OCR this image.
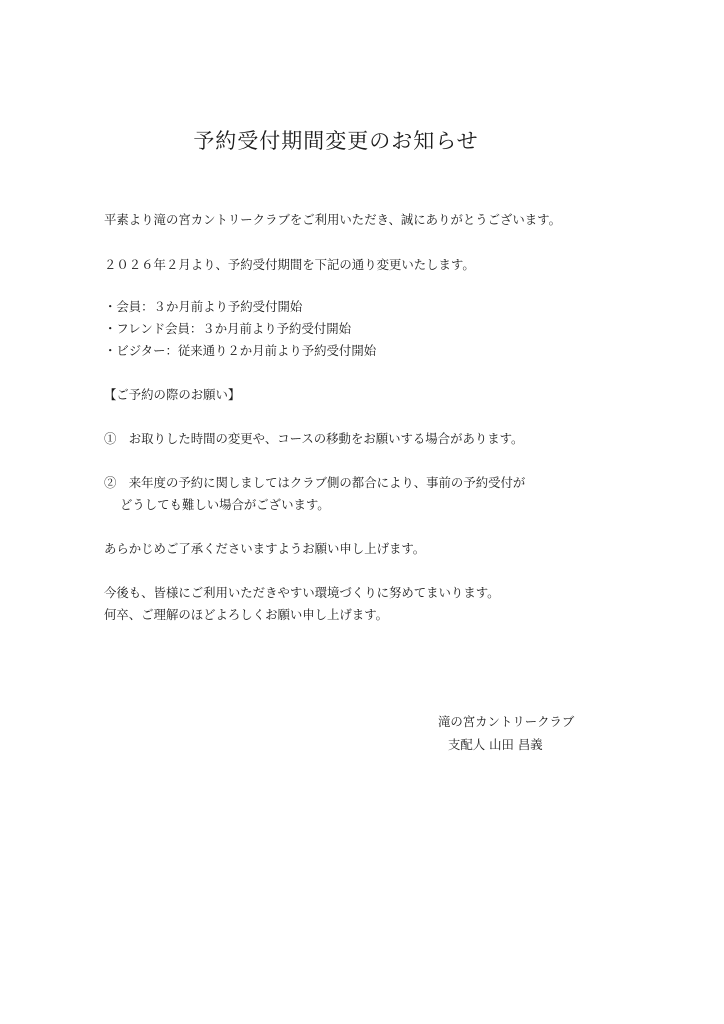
予約受付期間変更のお知らせ
平素より滝の宮カントリークラブをご利用いただき、誠にありがとうございます。
２０２６年２月より、予約受付期間を下記の通り変更いたします。
・会員：３か月前より予約受付開始
・フレンド会員：３か月前より予約受付開始
・ビジター：従来通り２か月前より予約受付開始
【ご予約の際のお願い】
①　お取りした時間の変更や、コースの移動をお願いする場合があります。
②　来年度の予約に関しましてはクラブ側の都合により、事前の予約受付が
どうしても難しい場合がございます。
あらかじめご了承くださいますようお願い申し上げます。
今後も、皆様にご利用いただきやすい環境づくりに努めてまいります。
何卒、ご理解のほどよろしくお願い申し上げます。
滝の宮カントリークラブ
支配人 山田 昌義
